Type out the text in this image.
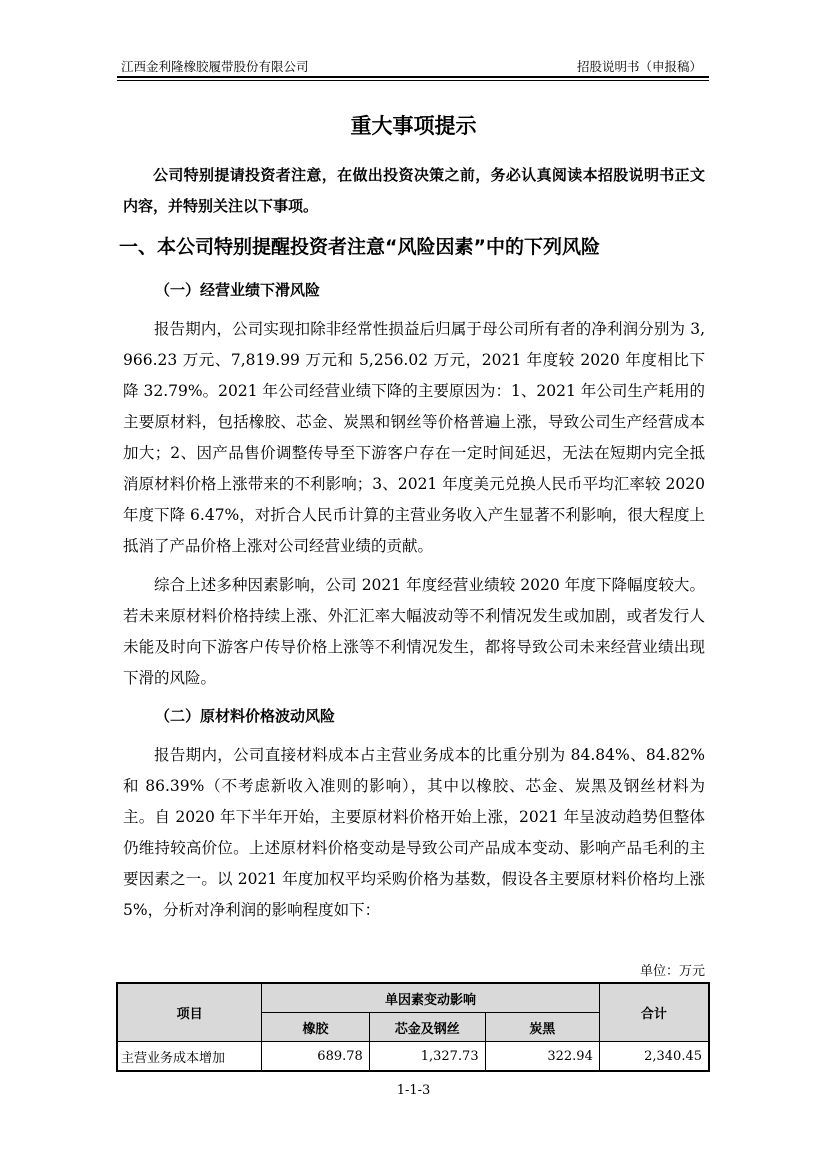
江西金利隆橡胶履带股份有限公司	招股说明书（申报稿）
重大事项提示

公司特别提请投资者注意，在做出投资决策之前，务必认真阅读本招股说明书正文内容，并特别关注以下事项。

一、本公司特别提醒投资者注意“风险因素”中的下列风险
（一）经营业绩下滑风险

报告期内，公司实现扣除非经常性损益后归属于母公司所有者的净利润分别为 3,966.23 万元、7,819.99 万元和 5,256.02 万元，2021 年度较 2020 年度相比下降 32.79%。2021 年公司经营业绩下降的主要原因为：1、2021 年公司生产耗用的主要原材料，包括橡胶、芯金、炭黑和钢丝等价格普遍上涨，导致公司生产经营成本加大；2、因产品售价调整传导至下游客户存在一定时间延迟，无法在短期内完全抵消原材料价格上涨带来的不利影响；3、2021 年度美元兑换人民币平均汇率较 2020 年度下降 6.47%，对折合人民币计算的主营业务收入产生显著不利影响，很大程度上抵消了产品价格上涨对公司经营业绩的贡献。

综合上述多种因素影响，公司 2021 年度经营业绩较 2020 年度下降幅度较大。若未来原材料价格持续上涨、外汇汇率大幅波动等不利情况发生或加剧，或者发行人未能及时向下游客户传导价格上涨等不利情况发生，都将导致公司未来经营业绩出现下滑的风险。

（二）原材料价格波动风险

报告期内，公司直接材料成本占主营业务成本的比重分别为 84.84%、84.82% 和 86.39%（不考虑新收入准则的影响），其中以橡胶、芯金、炭黑及钢丝材料为主。自 2020 年下半年开始，主要原材料价格开始上涨，2021 年呈波动趋势但整体仍维持较高价位。上述原材料价格变动是导致公司产品成本变动、影响产品毛利的主要因素之一。以 2021 年度加权平均采购价格为基数，假设各主要原材料价格均上涨 5%，分析对净利润的影响程度如下：

单位：万元
项目	单因素变动影响			合计
	橡胶	芯金及钢丝	炭黑	
主营业务成本增加	689.78	1,327.73	322.94	2,340.45
1-1-3
